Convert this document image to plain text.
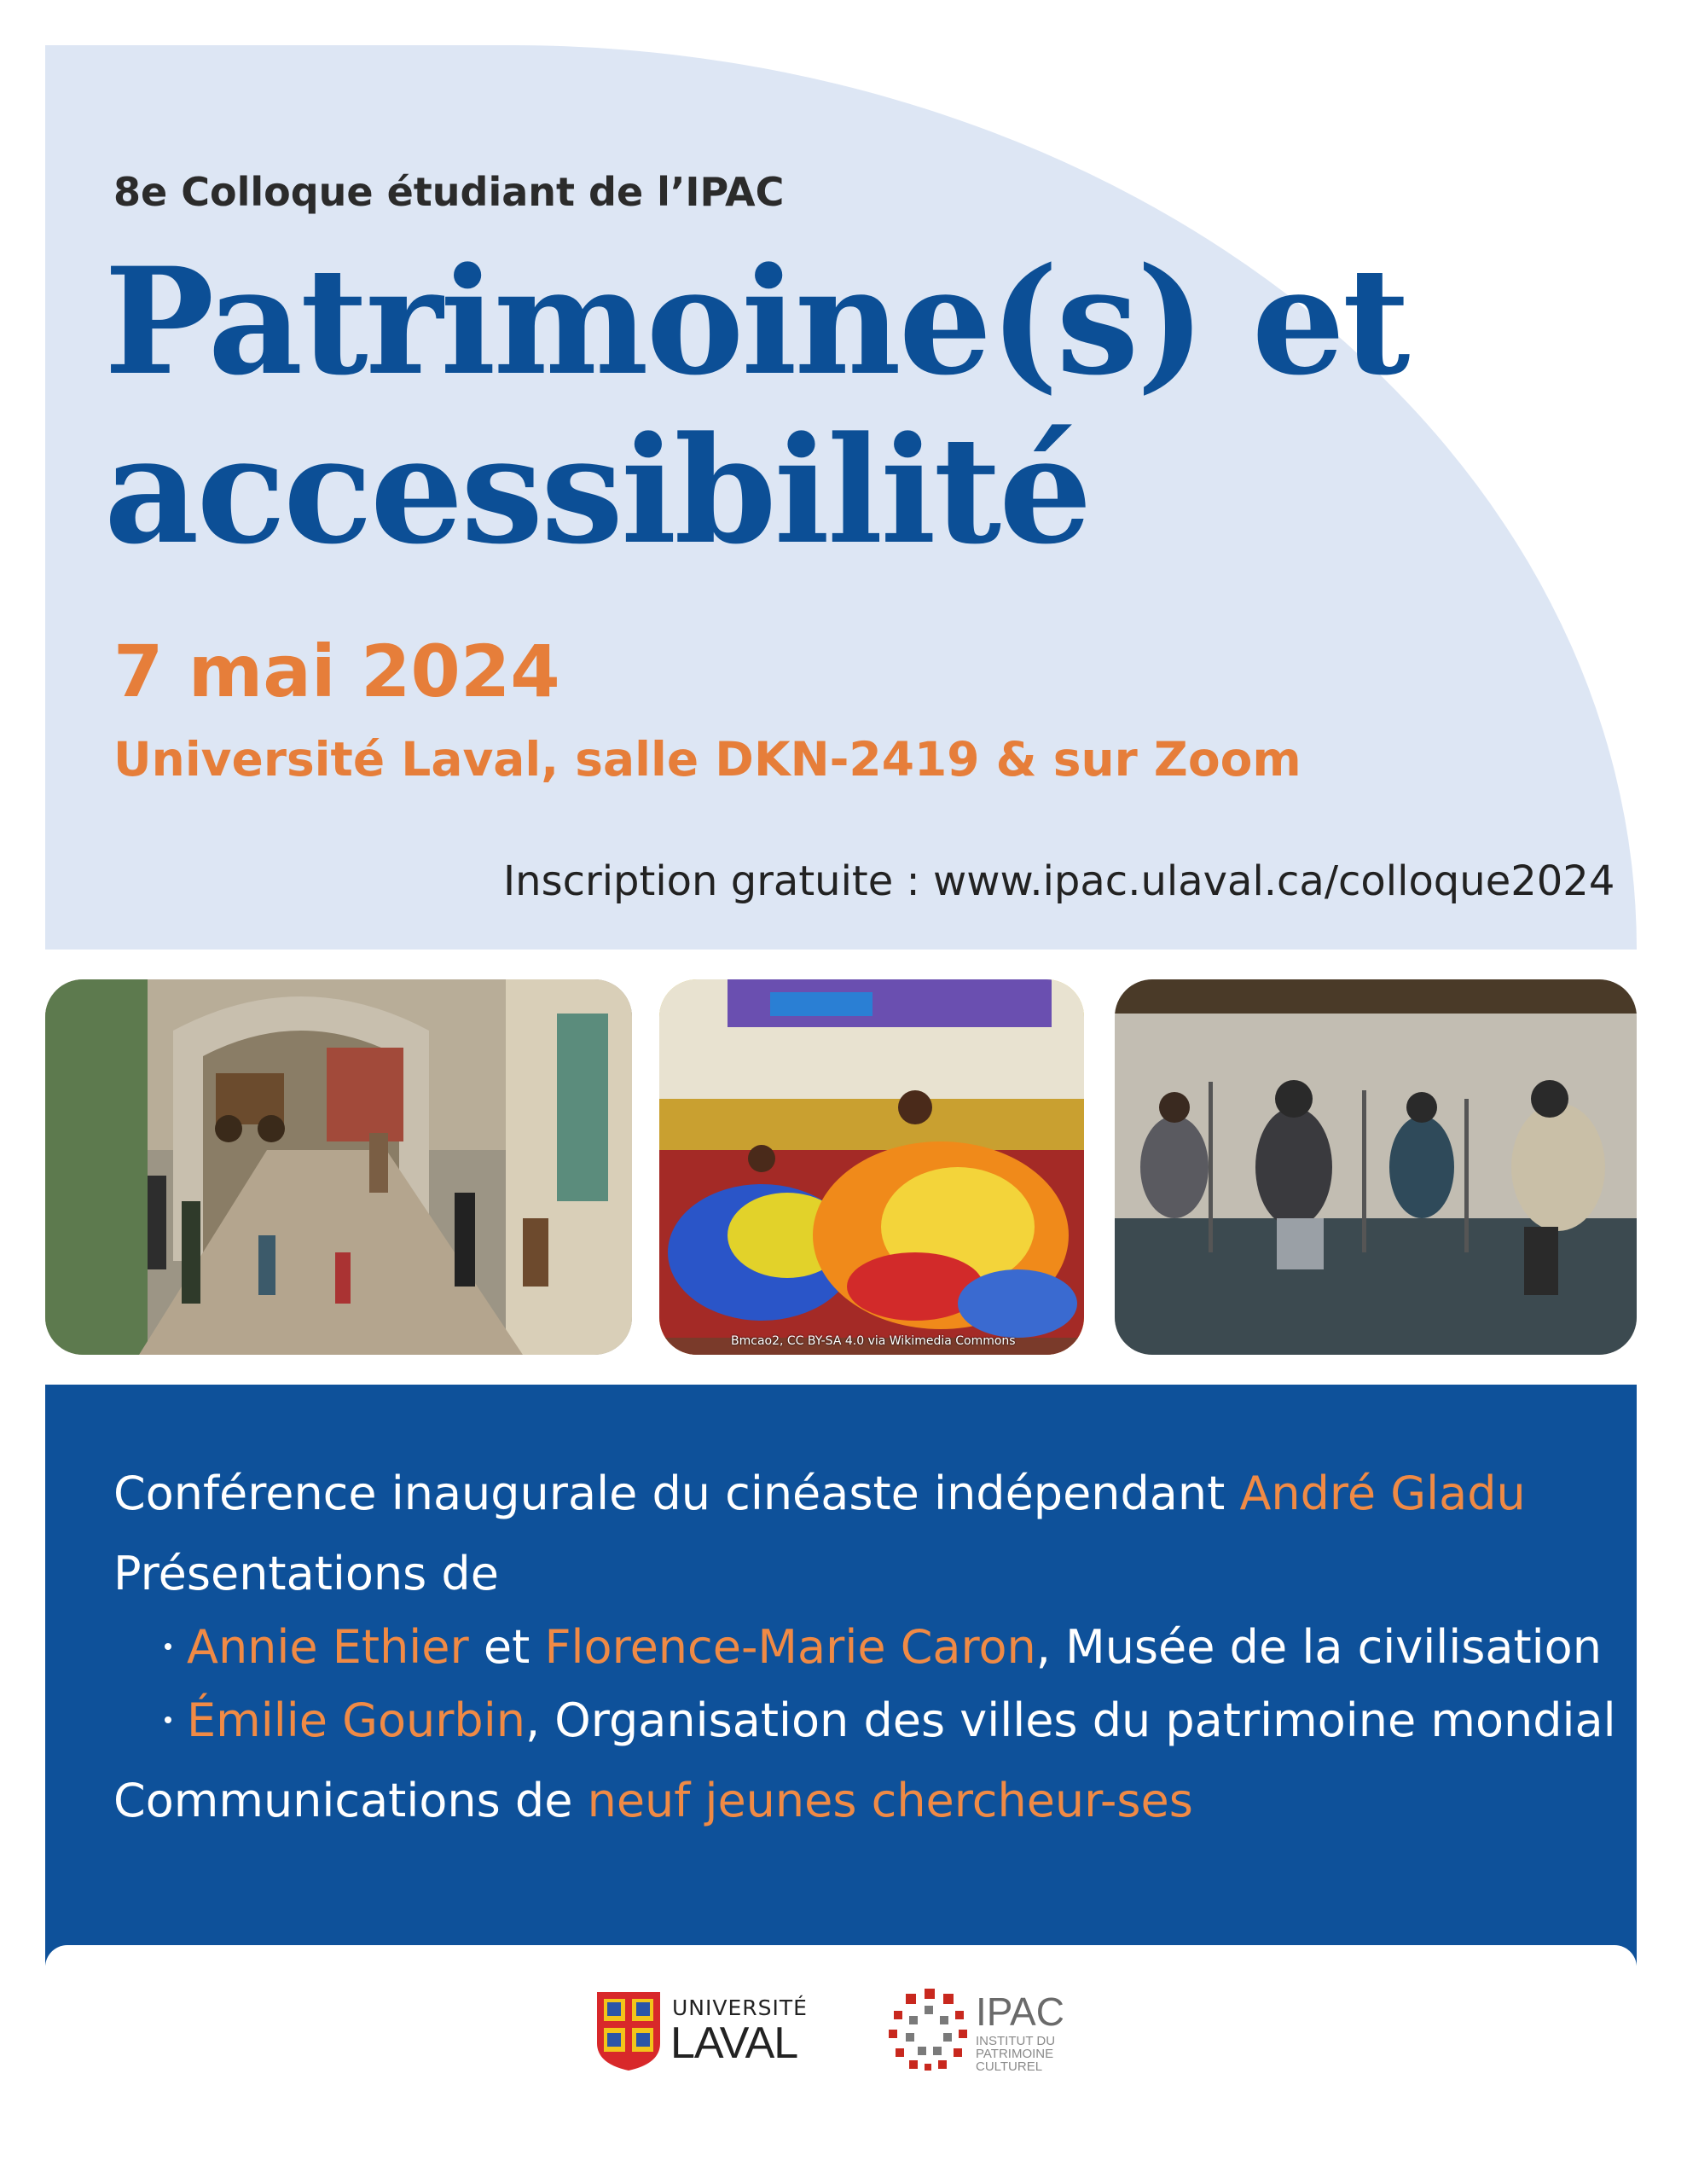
8e Colloque étudiant de l’IPAC
Patrimoine(s) et accessibilité
7 mai 2024
Université Laval, salle DKN-2419 & sur Zoom
Inscription gratuite : www.ipac.ulaval.ca/colloque2024
Bmcao2, CC BY-SA 4.0 via Wikimedia Commons
Conférence inaugurale du cinéaste indépendant André Gladu
Présentations de
Annie Ethier et Florence-Marie Caron, Musée de la civilisation
Émilie Gourbin, Organisation des villes du patrimoine mondial
Communications de neuf jeunes chercheur-ses
UNIVERSITÉ
LAVAL
IPAC
INSTITUT DU PATRIMOINE CULTUREL
